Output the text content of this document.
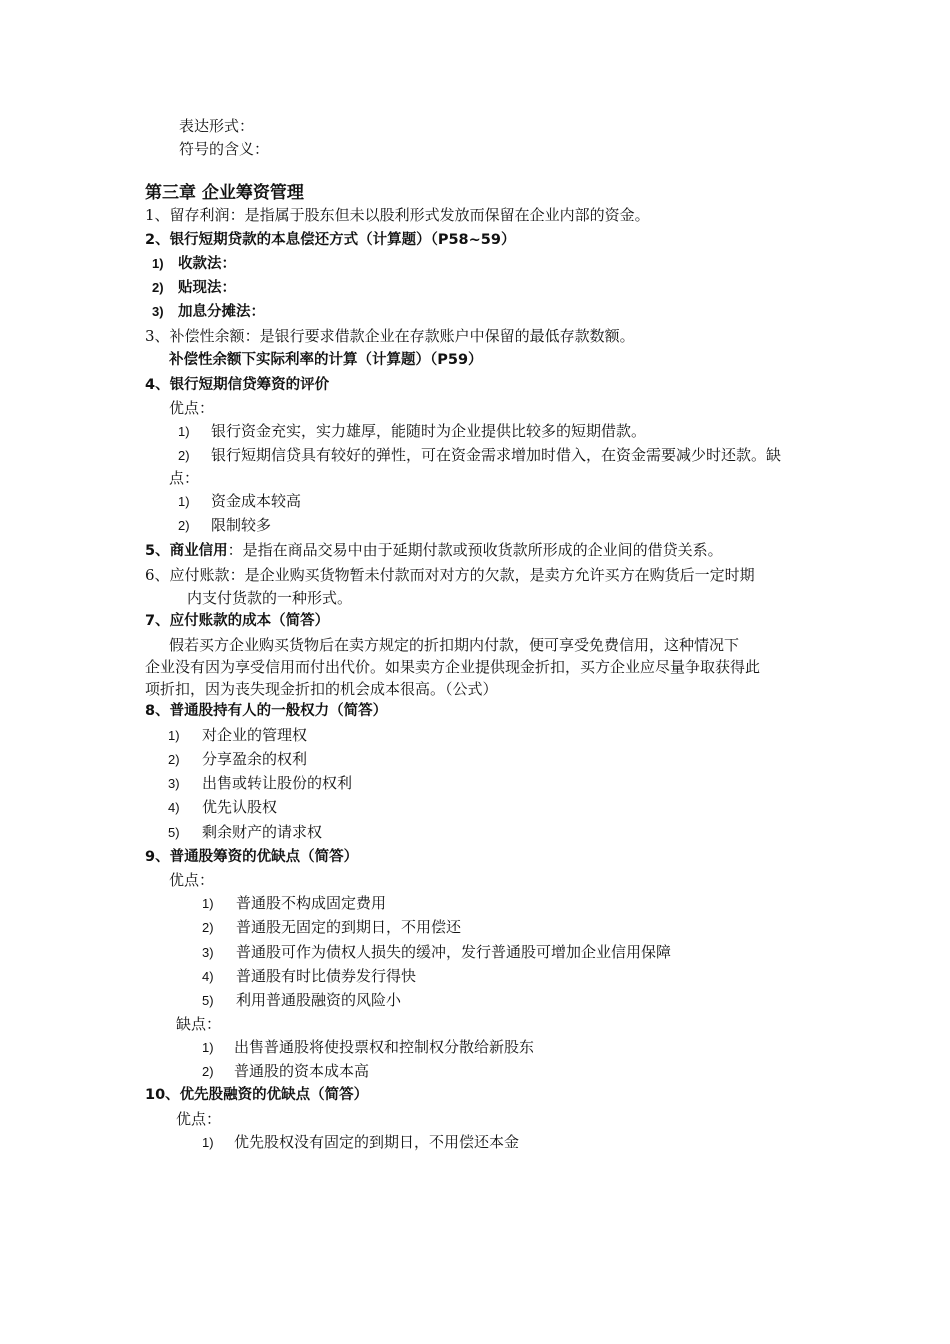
表达形式：
符号的含义：
第三章 企业筹资管理
1、留存利润：是指属于股东但未以股利形式发放而保留在企业内部的资金。
2、银行短期贷款的本息偿还方式（计算题）（P58~59）
1) 收款法：
2) 贴现法：
3) 加息分摊法：
3、补偿性余额：是银行要求借款企业在存款账户中保留的最低存款数额。
补偿性余额下实际利率的计算（计算题）（P59）
4、银行短期信贷筹资的评价
优点：
1) 银行资金充实，实力雄厚，能随时为企业提供比较多的短期借款。
2) 银行短期信贷具有较好的弹性，可在资金需求增加时借入，在资金需要减少时还款。缺
点：
1) 资金成本较高
2) 限制较多
5、商业信用：是指在商品交易中由于延期付款或预收货款所形成的企业间的借贷关系。
6、应付账款：是企业购买货物暂未付款而对对方的欠款，是卖方允许买方在购货后一定时期
内支付货款的一种形式。
7、应付账款的成本（简答）
假若买方企业购买货物后在卖方规定的折扣期内付款，便可享受免费信用，这种情况下
企业没有因为享受信用而付出代价。如果卖方企业提供现金折扣，买方企业应尽量争取获得此
项折扣，因为丧失现金折扣的机会成本很高。（公式）
8、普通股持有人的一般权力（简答）
1) 对企业的管理权
2) 分享盈余的权利
3) 出售或转让股份的权利
4) 优先认股权
5) 剩余财产的请求权
9、普通股筹资的优缺点（简答）
优点：
1) 普通股不构成固定费用
2) 普通股无固定的到期日，不用偿还
3) 普通股可作为债权人损失的缓冲，发行普通股可增加企业信用保障
4) 普通股有时比债券发行得快
5) 利用普通股融资的风险小
缺点：
1) 出售普通股将使投票权和控制权分散给新股东
2) 普通股的资本成本高
10、优先股融资的优缺点（简答）
优点：
1) 优先股权没有固定的到期日，不用偿还本金
